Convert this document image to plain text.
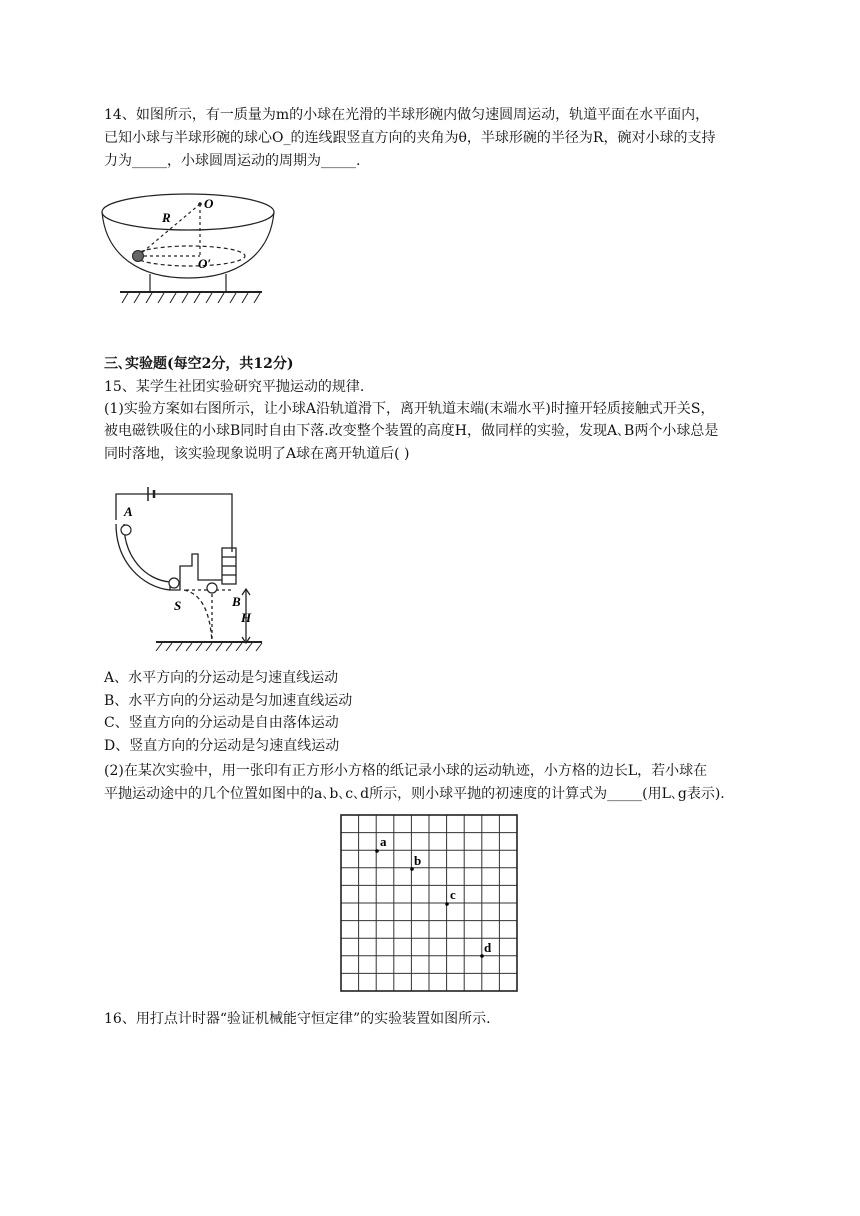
14、如图所示，有一质量为m的小球在光滑的半球形碗内做匀速圆周运动，轨道平面在水平面内，
已知小球与半球形碗的球心O_的连线跟竖直方向的夹角为θ，半球形碗的半径为R，碗对小球的支持
力为_____，小球圆周运动的周期为_____.
O
O′
R
三､实验题(每空2分，共12分)
15、某学生社团实验研究平抛运动的规律.
(1)实验方案如右图所示，让小球A沿轨道滑下，离开轨道末端(末端水平)时撞开轻质接触式开关S，
被电磁铁吸住的小球B同时自由下落.改变整个装置的高度H，做同样的实验，发现A､B两个小球总是
同时落地，该实验现象说明了A球在离开轨道后( )
A
B
S
H
A、水平方向的分运动是匀速直线运动
B、水平方向的分运动是匀加速直线运动
C、竖直方向的分运动是自由落体运动
D、竖直方向的分运动是匀速直线运动
(2)在某次实验中，用一张印有正方形小方格的纸记录小球的运动轨迹，小方格的边长L，若小球在
平抛运动途中的几个位置如图中的a､b､c､d所示，则小球平抛的初速度的计算式为_____(用L､g表示).
a
b
c
d
16、用打点计时器“验证机械能守恒定律”的实验装置如图所示.
